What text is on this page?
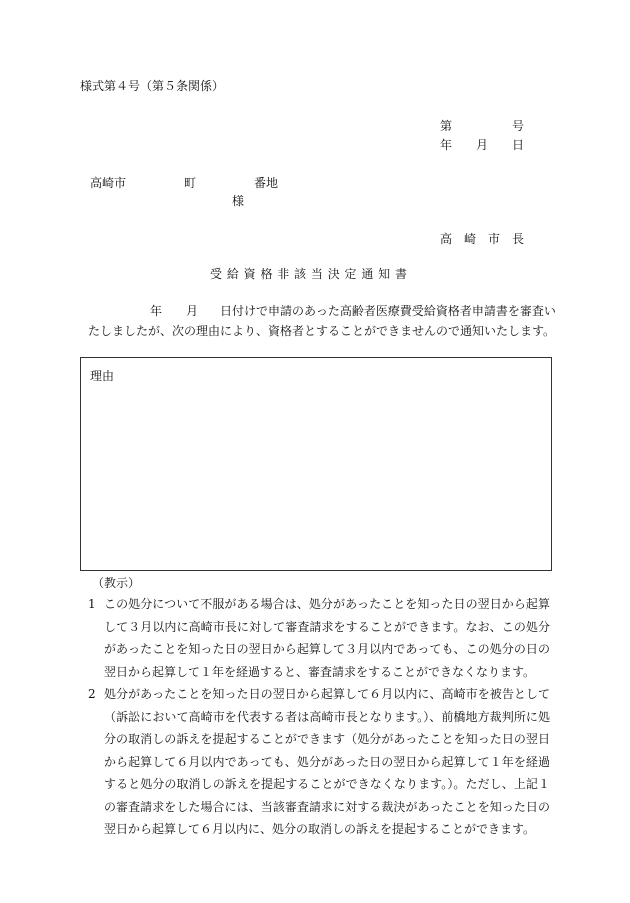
様式第４号（第５条関係）
第	号
年 月 日
高崎市	町	番地
様
高　崎　市　長
受 給 資 格 非 該 当 決 定 通 知 書
年 月 日付けで申請のあった高齢者医療費受給資格者申請書を審査い
たしましたが、次の理由により、資格者とすることができませんので通知いたします。
理由
（教示）
1 この処分について不服がある場合は、処分があったことを知った日の翌日から起算して３月以内に高崎市長に対して審査請求をすることができます。なお、この処分があったことを知った日の翌日から起算して３月以内であっても、この処分の日の翌日から起算して１年を経過すると、審査請求をすることができなくなります。
2 処分があったことを知った日の翌日から起算して６月以内に、高崎市を被告として（訴訟において高崎市を代表する者は高崎市長となります。）、前橋地方裁判所に処分の取消しの訴えを提起することができます（処分があったことを知った日の翌日から起算して６月以内であっても、処分があった日の翌日から起算して１年を経過すると処分の取消しの訴えを提起することができなくなります。）。ただし、上記１の審査請求をした場合には、当該審査請求に対する裁決があったことを知った日の翌日から起算して６月以内に、処分の取消しの訴えを提起することができます。
